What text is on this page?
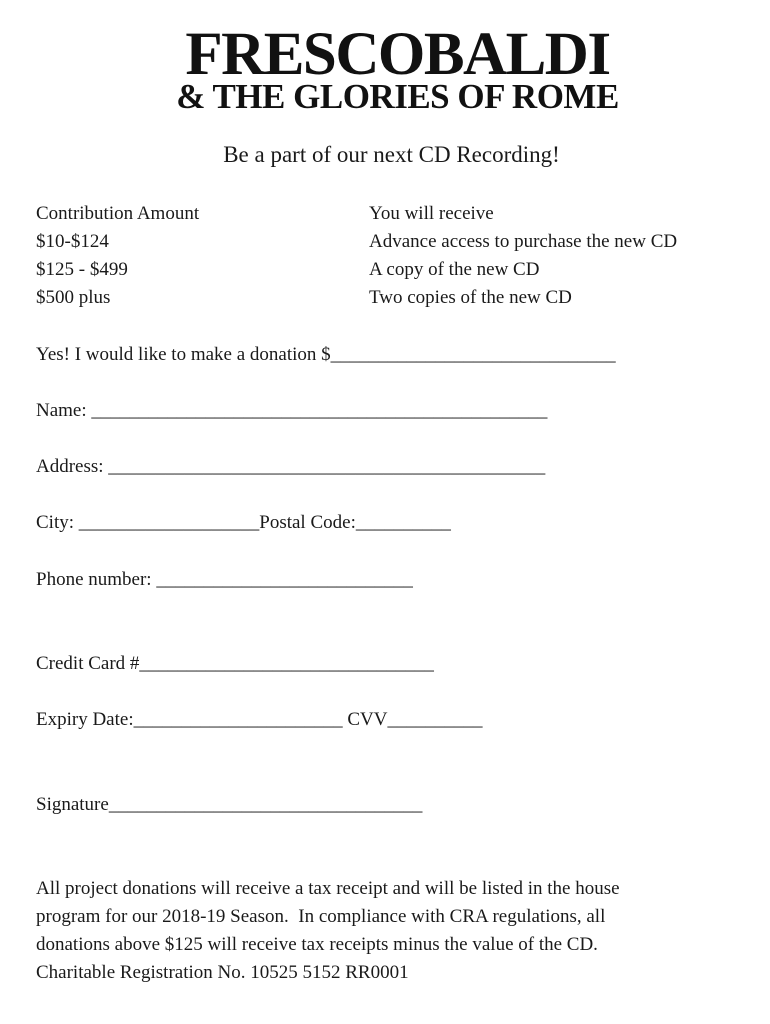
FRESCOBALDI
& THE GLORIES OF ROME
Be a part of our next CD Recording!
Contribution Amount	You will receive
$10-$124	Advance access to purchase the new CD
$125 - $499	A copy of the new CD
$500 plus	Two copies of the new CD
Yes! I would like to make a donation $______________________________
Name: ________________________________________________
Address: ______________________________________________
City: ___________________Postal Code:__________
Phone number: ___________________________
Credit Card #_______________________________
Expiry Date:______________________ CVV__________
Signature_________________________________
All project donations will receive a tax receipt and will be listed in the house
program for our 2018-19 Season.  In compliance with CRA regulations, all
donations above $125 will receive tax receipts minus the value of the CD.
Charitable Registration No. 10525 5152 RR0001
